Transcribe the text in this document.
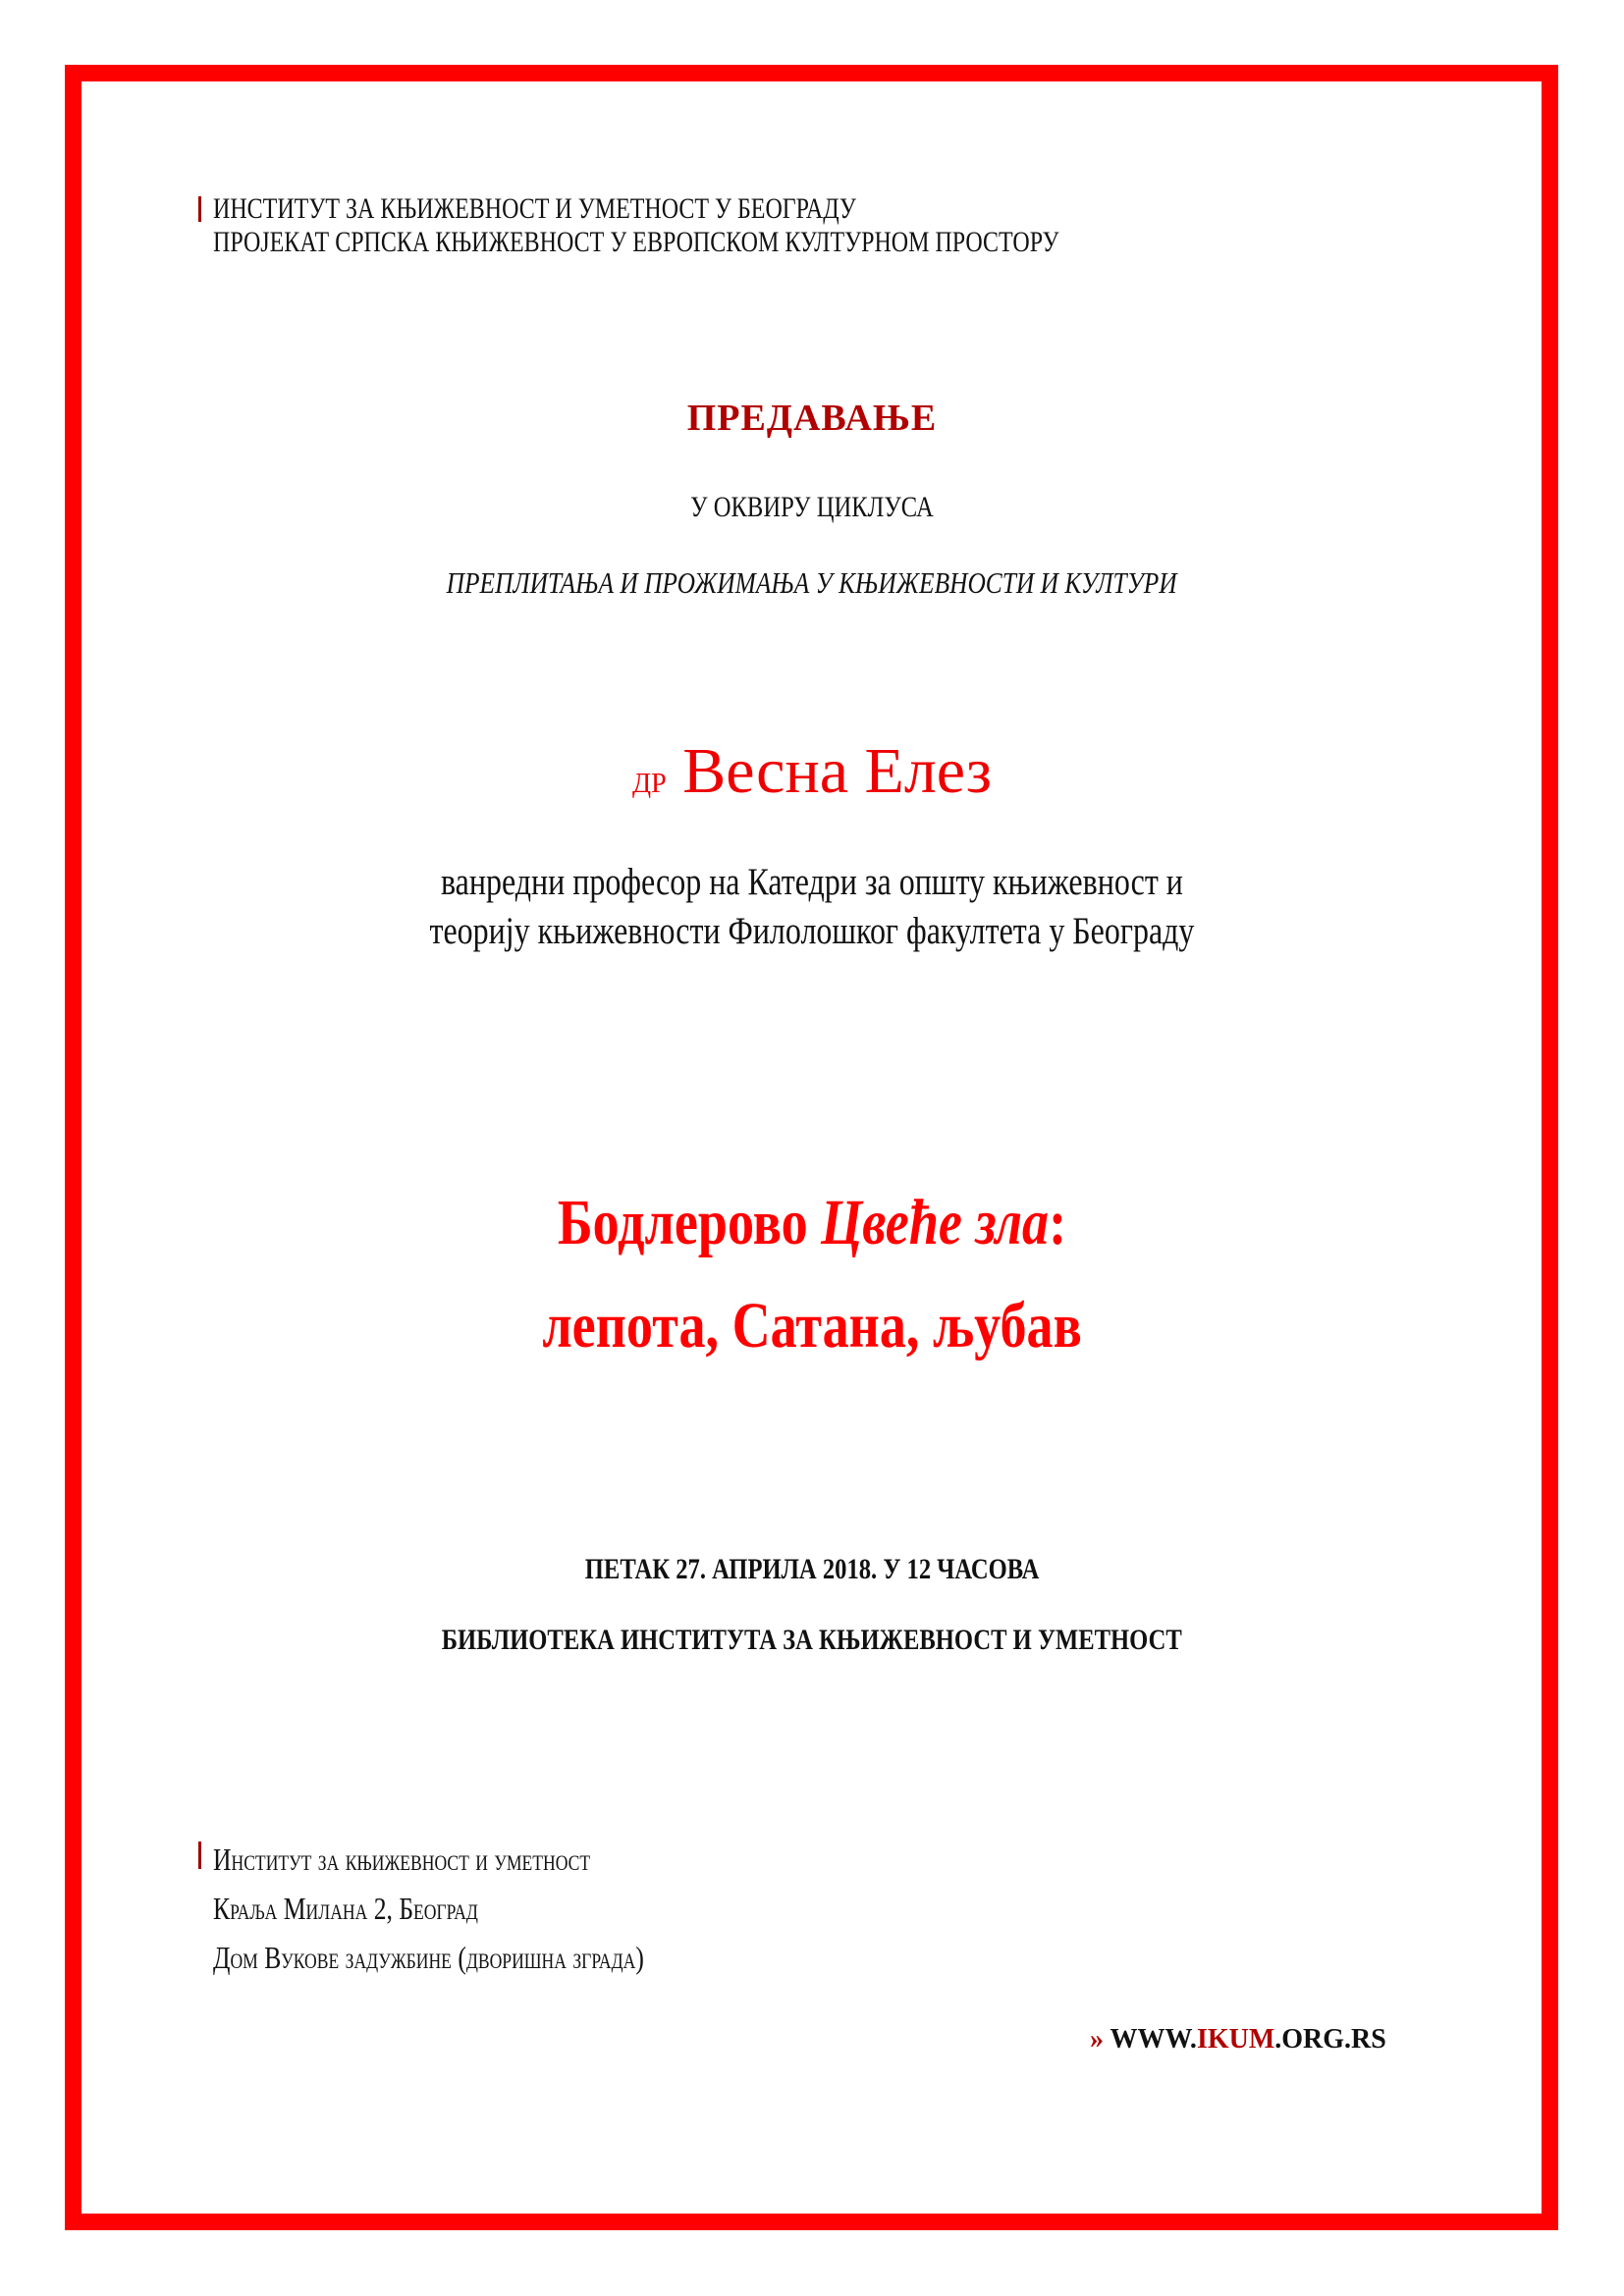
ИНСТИТУТ ЗА КЊИЖЕВНОСТ И УМЕТНОСТ У БЕОГРАДУ
ПРОЈЕКАТ СРПСКА КЊИЖЕВНОСТ У ЕВРОПСКОМ КУЛТУРНОМ ПРОСТОРУ
ПРЕДАВАЊЕ
У ОКВИРУ ЦИКЛУСА
ПРЕПЛИТАЊА И ПРОЖИМАЊА У КЊИЖЕВНОСТИ И КУЛТУРИ
др Весна Елез
ванредни професор на Катедри за општу књижевност и
теорију књижевности Филолошког факултета у Београду
Бодлерово Цвеће зла:
лепота, Сатана, љубав
ПЕТАК 27. АПРИЛА 2018. У 12 ЧАСОВА
БИБЛИОТЕКА ИНСТИТУТА ЗА КЊИЖЕВНОСТ И УМЕТНОСТ
Институт за књижевност и уметност
Краља Милана 2, Београд
Дом Вукове задужбине (дворишна зграда)
» WWW.IKUM.ORG.RS
